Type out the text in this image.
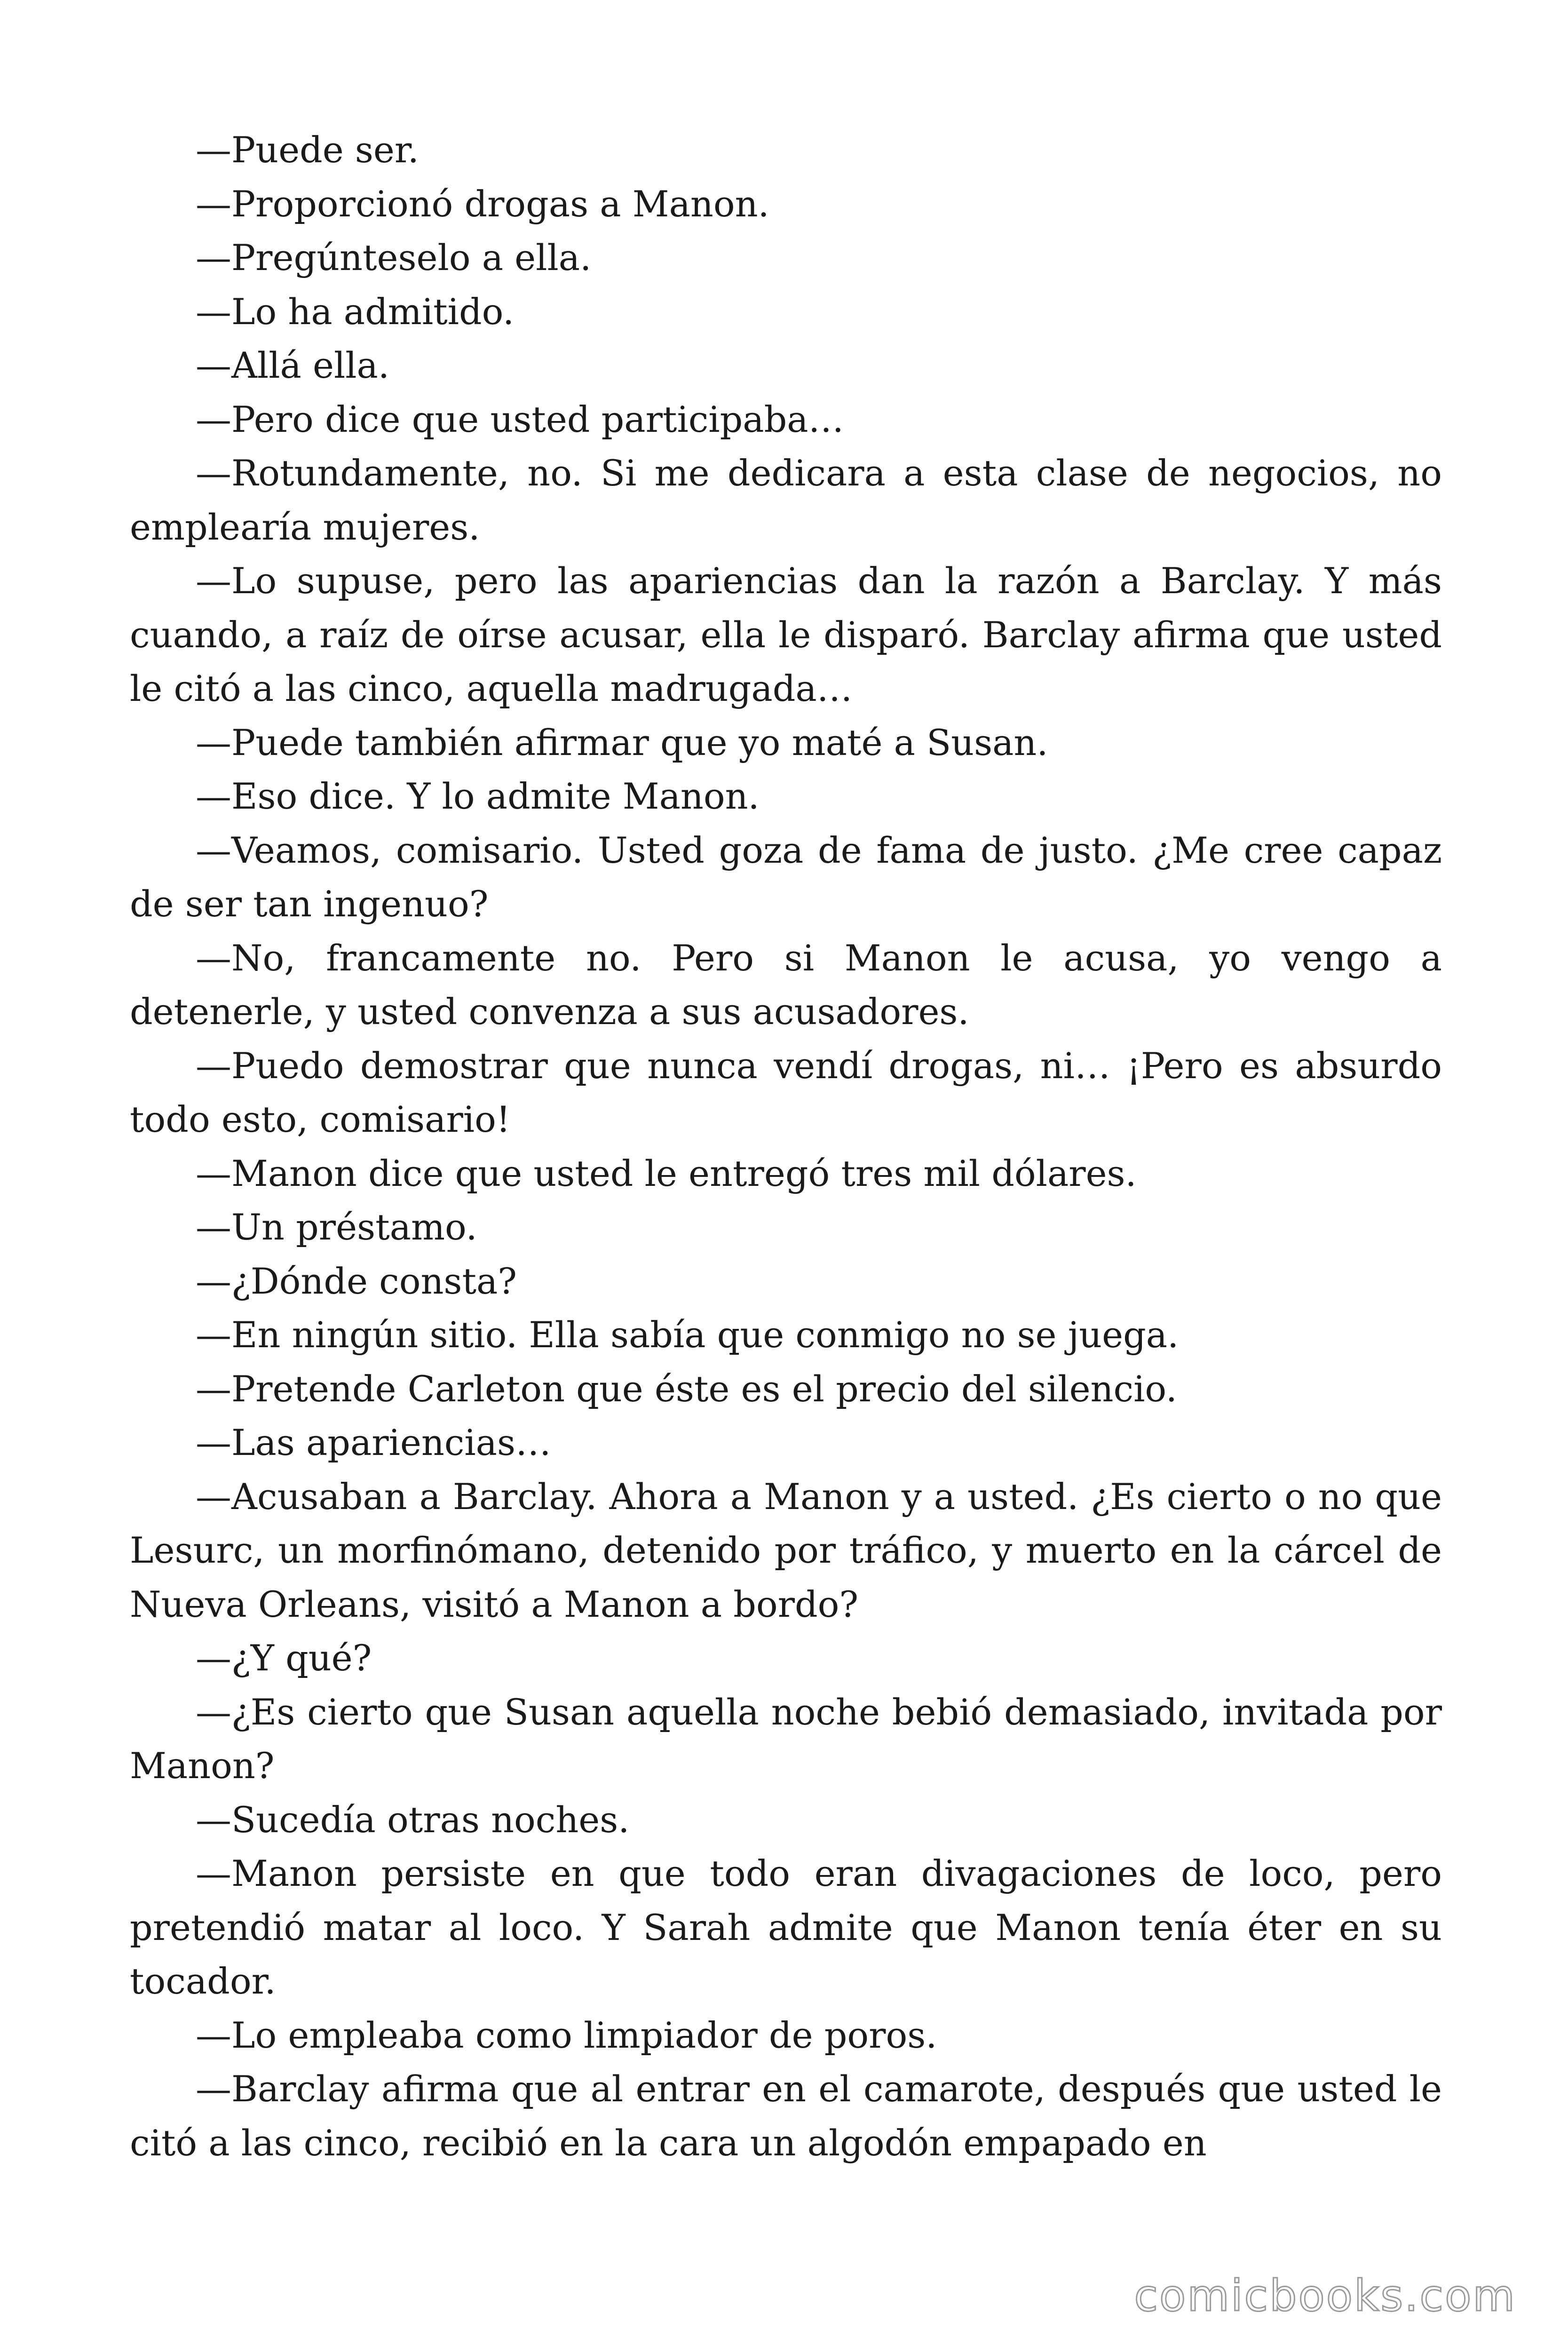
—Puede ser.

—Proporcionó drogas a Manon.

—Pregúnteselo a ella.

—Lo ha admitido.

—Allá ella.

—Pero dice que usted participaba…

—Rotundamente, no. Si me dedicara a esta clase de negocios, no emplearía mujeres.

—Lo supuse, pero las apariencias dan la razón a Barclay. Y más cuando, a raíz de oírse acusar, ella le disparó. Barclay afirma que usted le citó a las cinco, aquella madrugada…

—Puede también afirmar que yo maté a Susan.

—Eso dice. Y lo admite Manon.

—Veamos, comisario. Usted goza de fama de justo. ¿Me cree capaz de ser tan ingenuo?

—No, francamente no. Pero si Manon le acusa, yo vengo a detenerle, y usted convenza a sus acusadores.

—Puedo demostrar que nunca vendí drogas, ni… ¡Pero es absurdo todo esto, comisario!

—Manon dice que usted le entregó tres mil dólares.

—Un préstamo.

—¿Dónde consta?

—En ningún sitio. Ella sabía que conmigo no se juega.

—Pretende Carleton que éste es el precio del silencio.

—Las apariencias…

—Acusaban a Barclay. Ahora a Manon y a usted. ¿Es cierto o no que Lesurc, un morfinómano, detenido por tráfico, y muerto en la cárcel de Nueva Orleans, visitó a Manon a bordo?

—¿Y qué?

—¿Es cierto que Susan aquella noche bebió demasiado, invitada por Manon?

—Sucedía otras noches.

—Manon persiste en que todo eran divagaciones de loco, pero pretendió matar al loco. Y Sarah admite que Manon tenía éter en su tocador.

—Lo empleaba como limpiador de poros.

—Barclay afirma que al entrar en el camarote, después que usted le citó a las cinco, recibió en la cara un algodón empapado en

comicbooks.com
